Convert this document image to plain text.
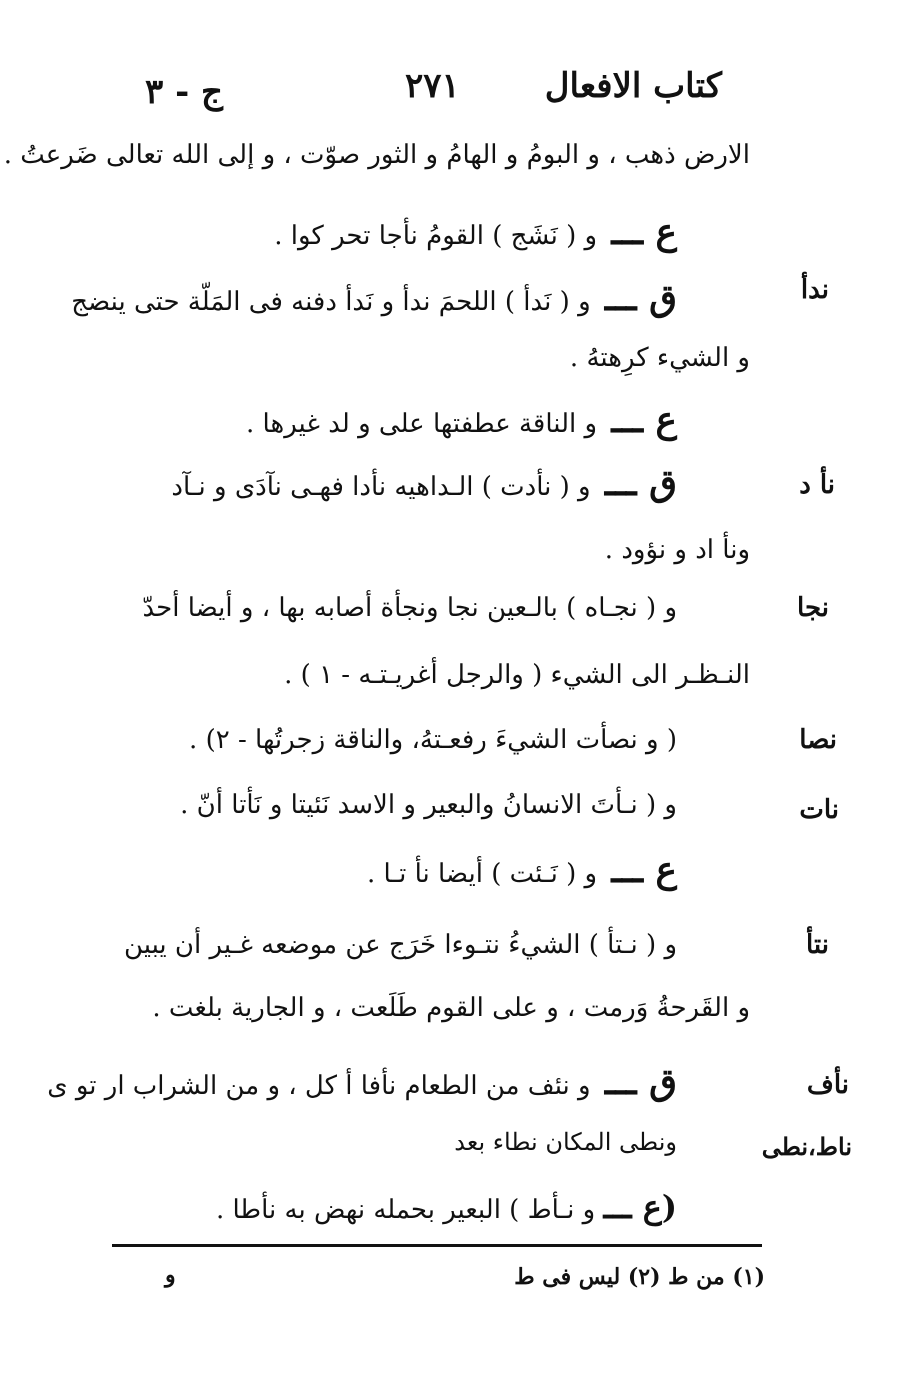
كتاب الافعال
٢٧١
ج - ٣
الارض ذهب ، و البومُ و الهامُ و الثور صوّت ، و إلى الله تعالى ضَرعتُ .
ع ـــ و ( نَشَج ) القومُ نأجا تحر كوا .
ندأ
ق ـــ و ( نَدأ ) اللحمَ ندأ و نَدأ دفنه فى المَلّة حتى ينضج
و الشيء كرِهتهُ .
ع ـــ و الناقة عطفتها على و لد غيرها .
نأ د
ق ـــ و ( نأدت ) الـداهيه نأدا فهـى نآدَى و نـآد
ونأ اد و نؤود .
نجا
و ( نجـاه ) بالـعين نجا ونجأة أصابه بها ، و أيضا أحدّ
النـظـر الى الشيء ( والرجل أغريـتـه - ١ ) .
نصا
( و نصأت الشيءَ رفعـتهُ، والناقة زجرتُها - ٢) .
نات
و ( نـأتَ الانسانُ والبعير و الاسد نَئيتا و نَأتا أنّ .
ع ـــ و ( نَـئت ) أيضا نأ تـا .
نتأ
و ( نـتأ ) الشيءُ نتـوءا خَرَج عن موضعه غـير أن يبين
و القَرحةُ وَرمت ، و على القوم طَلَعت ، و الجارية بلغت .
نأف
ق ـــ و نئف من الطعام نأفا أ كل ، و من الشراب ار تو ى
ناط،نطى
ونطى المكان نطاء بعد
(ع ـــ و نـأط ) البعير بحمله نهض به نأطا .
(١) من ط (٢) ليس فى ط
و
